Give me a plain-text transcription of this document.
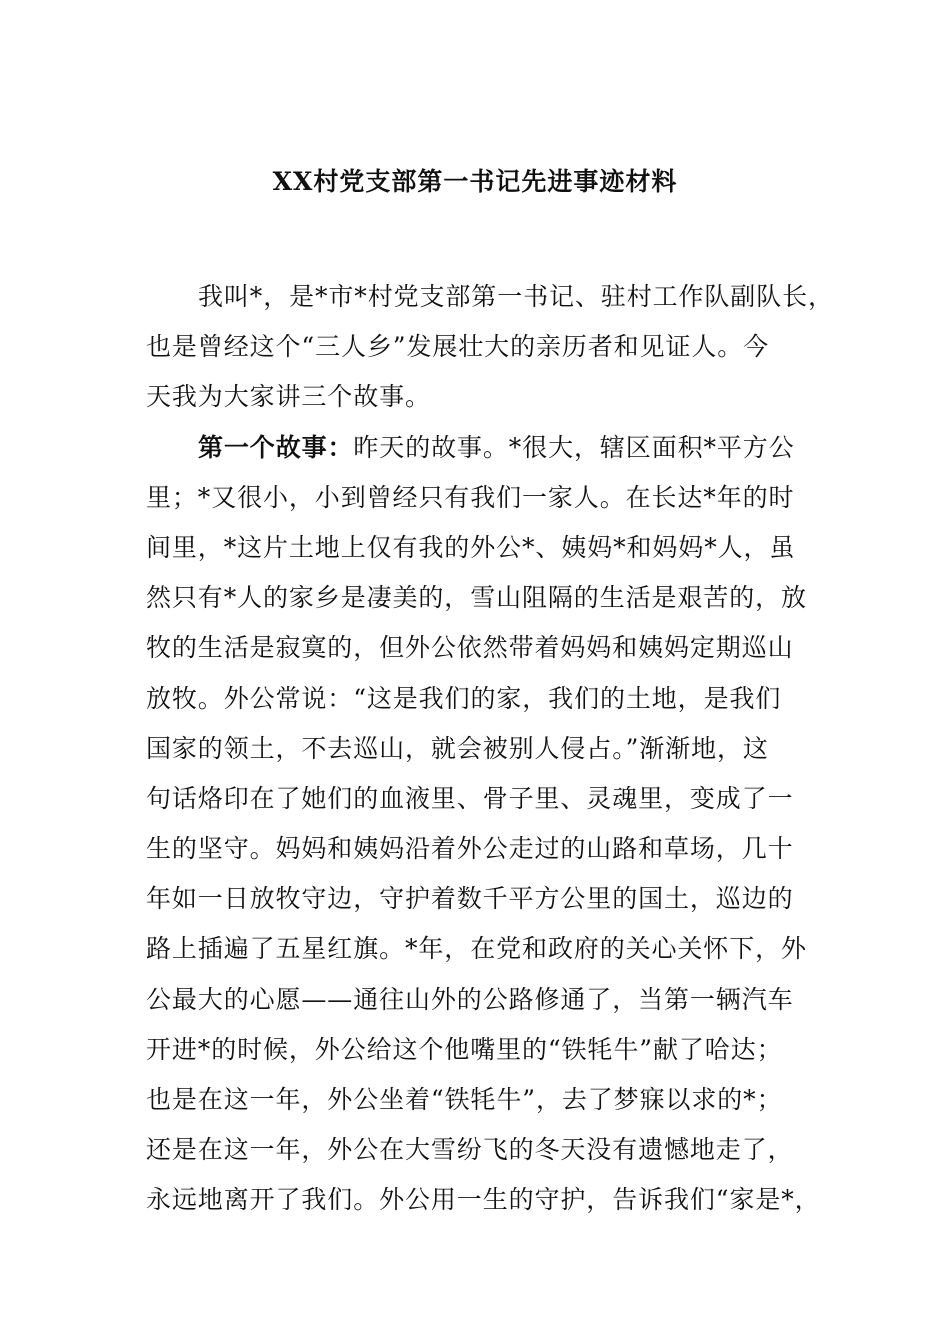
XX村党支部第一书记先进事迹材料
我叫*，是*市*村党支部第一书记、驻村工作队副队长，
也是曾经这个“三人乡”发展壮大的亲历者和见证人。今
天我为大家讲三个故事。
第一个故事：昨天的故事。*很大，辖区面积*平方公
里；*又很小，小到曾经只有我们一家人。在长达*年的时
间里，*这片土地上仅有我的外公*、姨妈*和妈妈*人，虽
然只有*人的家乡是凄美的，雪山阻隔的生活是艰苦的，放
牧的生活是寂寞的，但外公依然带着妈妈和姨妈定期巡山
放牧。外公常说：“这是我们的家，我们的土地，是我们
国家的领土，不去巡山，就会被别人侵占。”渐渐地，这
句话烙印在了她们的血液里、骨子里、灵魂里，变成了一
生的坚守。妈妈和姨妈沿着外公走过的山路和草场，几十
年如一日放牧守边，守护着数千平方公里的国土，巡边的
路上插遍了五星红旗。*年，在党和政府的关心关怀下，外
公最大的心愿——通往山外的公路修通了，当第一辆汽车
开进*的时候，外公给这个他嘴里的“铁牦牛”献了哈达；
也是在这一年，外公坐着“铁牦牛”，去了梦寐以求的*；
还是在这一年，外公在大雪纷飞的冬天没有遗憾地走了，
永远地离开了我们。外公用一生的守护，告诉我们“家是*，
